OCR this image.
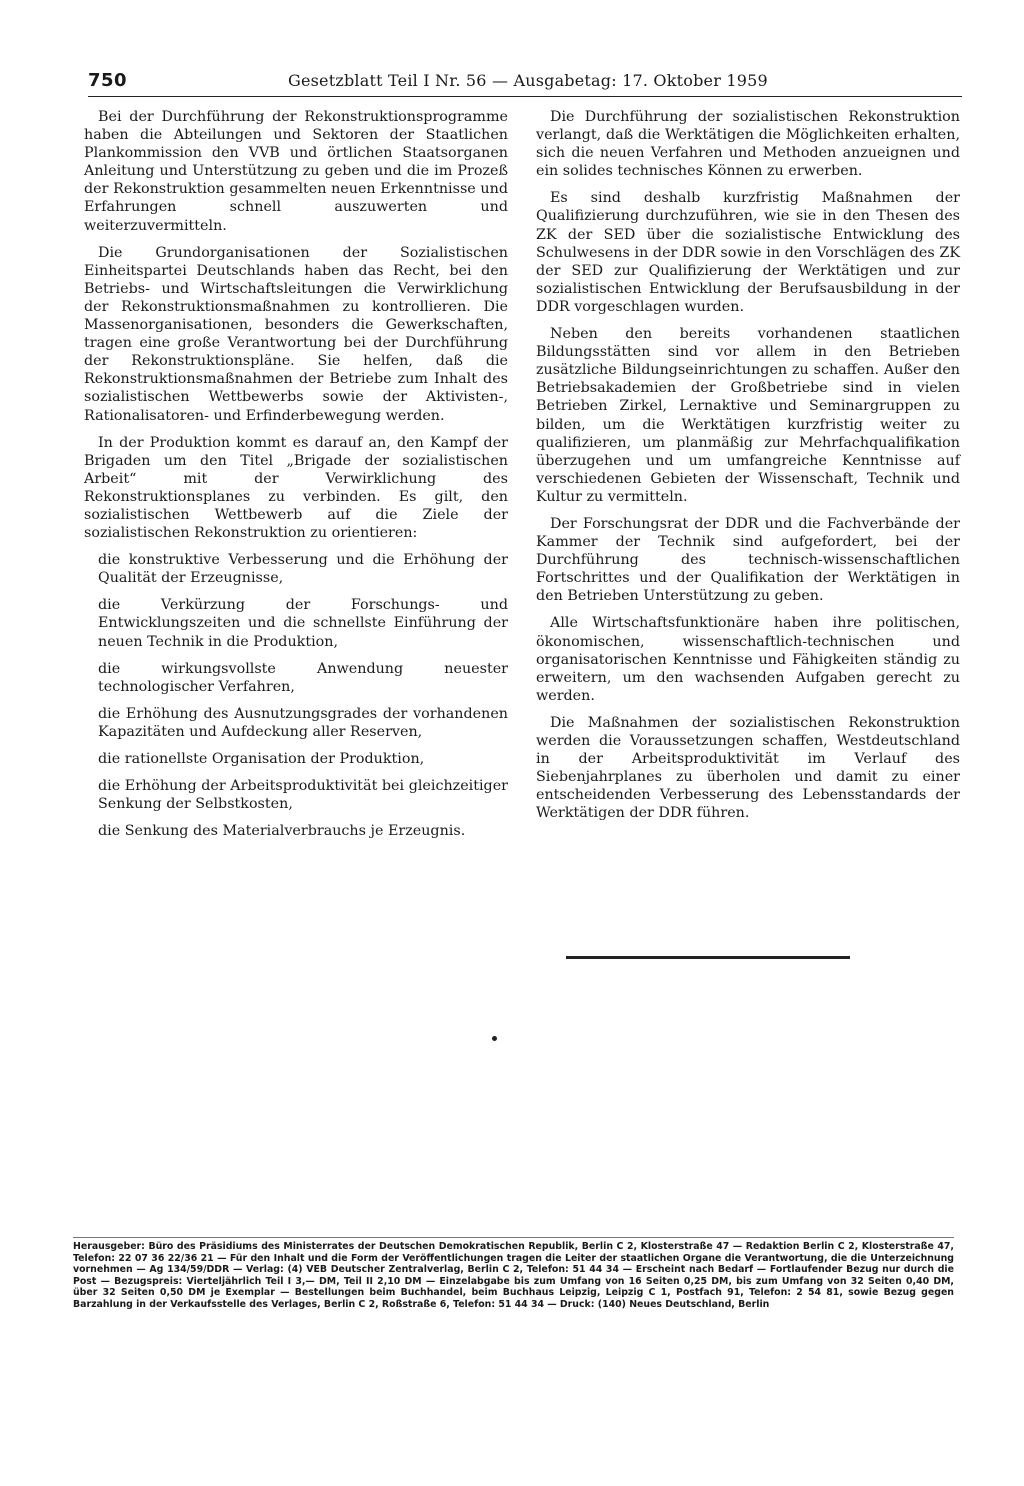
750	Gesetzblatt Teil I Nr. 56 — Ausgabetag: 17. Oktober 1959

Bei der Durchführung der Rekonstruktionsprogramme haben die Abteilungen und Sektoren der Staatlichen Plankommission den VVB und örtlichen Staatsorganen Anleitung und Unterstützung zu geben und die im Prozeß der Rekonstruktion gesammelten neuen Erkenntnisse und Erfahrungen schnell auszuwerten und weiterzuvermitteln.

Die Grundorganisationen der Sozialistischen Einheitspartei Deutschlands haben das Recht, bei den Betriebs- und Wirtschaftsleitungen die Verwirklichung der Rekonstruktionsmaßnahmen zu kontrollieren. Die Massenorganisationen, besonders die Gewerkschaften, tragen eine große Verantwortung bei der Durchführung der Rekonstruktionspläne. Sie helfen, daß die Rekonstruktionsmaßnahmen der Betriebe zum Inhalt des sozialistischen Wettbewerbs sowie der Aktivisten-, Rationalisatoren- und Erfinderbewegung werden.

In der Produktion kommt es darauf an, den Kampf der Brigaden um den Titel „Brigade der sozialistischen Arbeit“ mit der Verwirklichung des Rekonstruktionsplanes zu verbinden. Es gilt, den sozialistischen Wettbewerb auf die Ziele der sozialistischen Rekonstruktion zu orientieren:

die konstruktive Verbesserung und die Erhöhung der Qualität der Erzeugnisse,
die Verkürzung der Forschungs- und Entwicklungszeiten und die schnellste Einführung der neuen Technik in die Produktion,
die wirkungsvollste Anwendung neuester technologischer Verfahren,
die Erhöhung des Ausnutzungsgrades der vorhandenen Kapazitäten und Aufdeckung aller Reserven,
die rationellste Organisation der Produktion,
die Erhöhung der Arbeitsproduktivität bei gleichzeitiger Senkung der Selbstkosten,
die Senkung des Materialverbrauchs je Erzeugnis.

Die Durchführung der sozialistischen Rekonstruktion verlangt, daß die Werktätigen die Möglichkeiten erhalten, sich die neuen Verfahren und Methoden anzueignen und ein solides technisches Können zu erwerben.

Es sind deshalb kurzfristig Maßnahmen der Qualifizierung durchzuführen, wie sie in den Thesen des ZK der SED über die sozialistische Entwicklung des Schulwesens in der DDR sowie in den Vorschlägen des ZK der SED zur Qualifizierung der Werktätigen und zur sozialistischen Entwicklung der Berufsausbildung in der DDR vorgeschlagen wurden.

Neben den bereits vorhandenen staatlichen Bildungsstätten sind vor allem in den Betrieben zusätzliche Bildungseinrichtungen zu schaffen. Außer den Betriebsakademien der Großbetriebe sind in vielen Betrieben Zirkel, Lernaktive und Seminargruppen zu bilden, um die Werktätigen kurzfristig weiter zu qualifizieren, um planmäßig zur Mehrfachqualifikation überzugehen und um umfangreiche Kenntnisse auf verschiedenen Gebieten der Wissenschaft, Technik und Kultur zu vermitteln.

Der Forschungsrat der DDR und die Fachverbände der Kammer der Technik sind aufgefordert, bei der Durchführung des technisch-wissenschaftlichen Fortschrittes und der Qualifikation der Werktätigen in den Betrieben Unterstützung zu geben.

Alle Wirtschaftsfunktionäre haben ihre politischen, ökonomischen, wissenschaftlich-technischen und organisatorischen Kenntnisse und Fähigkeiten ständig zu erweitern, um den wachsenden Aufgaben gerecht zu werden.

Die Maßnahmen der sozialistischen Rekonstruktion werden die Voraussetzungen schaffen, Westdeutschland in der Arbeitsproduktivität im Verlauf des Siebenjahrplanes zu überholen und damit zu einer entscheidenden Verbesserung des Lebensstandards der Werktätigen der DDR führen.

Herausgeber: Büro des Präsidiums des Ministerrates der Deutschen Demokratischen Republik, Berlin C 2, Klosterstraße 47 — Redaktion Berlin C 2, Klosterstraße 47, Telefon: 22 07 36 22/36 21 — Für den Inhalt und die Form der Veröffentlichungen tragen die Leiter der staatlichen Organe die Verantwortung, die die Unterzeichnung vornehmen — Ag 134/59/DDR — Verlag: (4) VEB Deutscher Zentralverlag, Berlin C 2, Telefon: 51 44 34 — Erscheint nach Bedarf — Fortlaufender Bezug nur durch die Post — Bezugspreis: Vierteljährlich Teil I 3,— DM, Teil II 2,10 DM — Einzelabgabe bis zum Umfang von 16 Seiten 0,25 DM, bis zum Umfang von 32 Seiten 0,40 DM, über 32 Seiten 0,50 DM je Exemplar — Bestellungen beim Buchhandel, beim Buchhaus Leipzig, Leipzig C 1, Postfach 91, Telefon: 2 54 81, sowie Bezug gegen Barzahlung in der Verkaufsstelle des Verlages, Berlin C 2, Roßstraße 6, Telefon: 51 44 34 — Druck: (140) Neues Deutschland, Berlin
